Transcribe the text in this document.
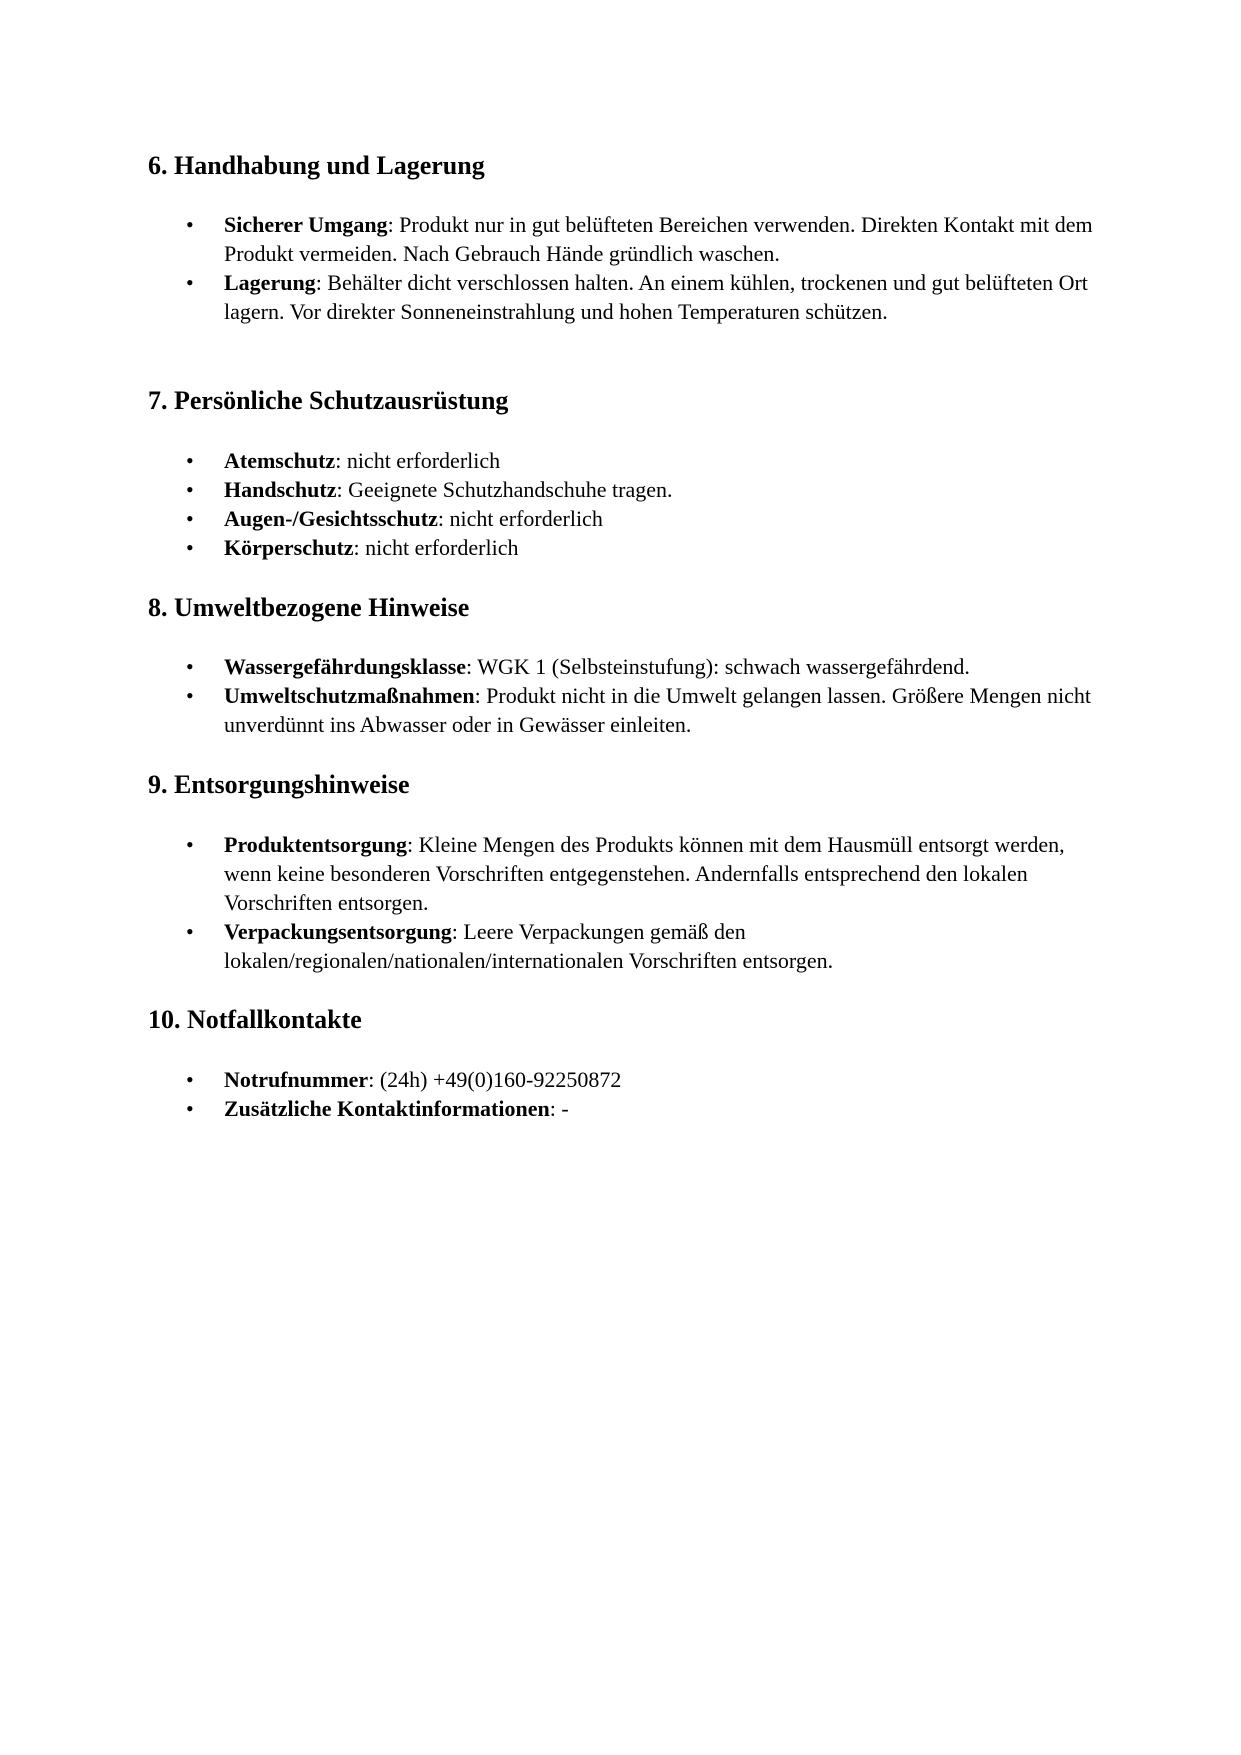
6. Handhabung und Lagerung
• Sicherer Umgang: Produkt nur in gut belüfteten Bereichen verwenden. Direkten Kontakt mit dem Produkt vermeiden. Nach Gebrauch Hände gründlich waschen.
• Lagerung: Behälter dicht verschlossen halten. An einem kühlen, trockenen und gut belüfteten Ort lagern. Vor direkter Sonneneinstrahlung und hohen Temperaturen schützen.
7. Persönliche Schutzausrüstung
• Atemschutz: nicht erforderlich
• Handschutz: Geeignete Schutzhandschuhe tragen.
• Augen-/Gesichtsschutz: nicht erforderlich
• Körperschutz: nicht erforderlich
8. Umweltbezogene Hinweise
• Wassergefährdungsklasse: WGK 1 (Selbsteinstufung): schwach wassergefährdend.
• Umweltschutzmaßnahmen: Produkt nicht in die Umwelt gelangen lassen. Größere Mengen nicht unverdünnt ins Abwasser oder in Gewässer einleiten.
9. Entsorgungshinweise
• Produktentsorgung: Kleine Mengen des Produkts können mit dem Hausmüll entsorgt werden, wenn keine besonderen Vorschriften entgegenstehen. Andernfalls entsprechend den lokalen Vorschriften entsorgen.
• Verpackungsentsorgung: Leere Verpackungen gemäß den lokalen/regionalen/nationalen/internationalen Vorschriften entsorgen.
10. Notfallkontakte
• Notrufnummer: (24h) +49(0)160-92250872
• Zusätzliche Kontaktinformationen: -
